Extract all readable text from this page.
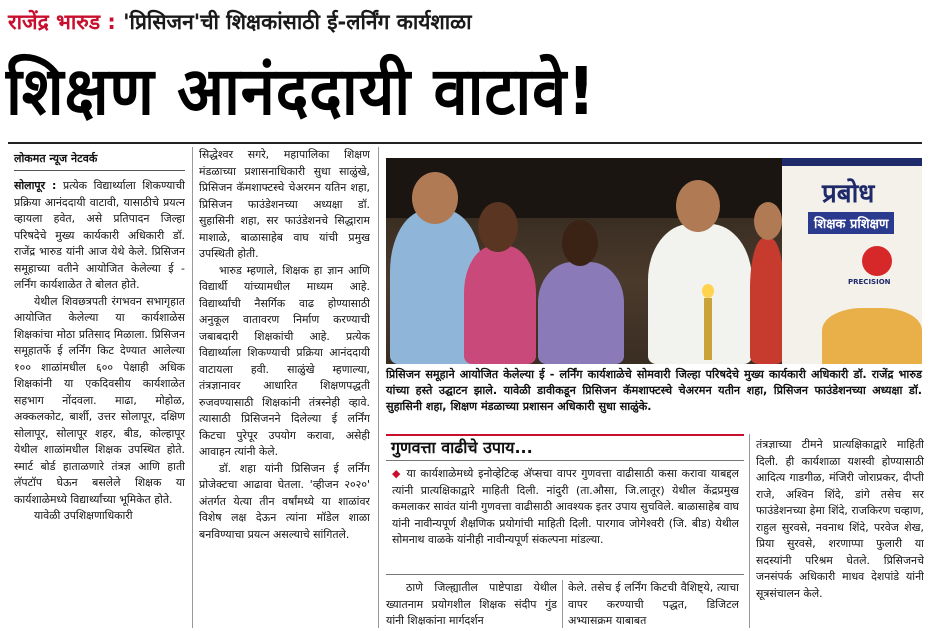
राजेंद्र भारुड : 'प्रिसिजन'ची शिक्षकांसाठी ई-लर्निंग कार्यशाळा
शिक्षण आनंददायी वाटावे!
लोकमत न्यूज नेटवर्क

सोलापूर : प्रत्येक विद्यार्थ्याला शिकण्याची प्रक्रिया आनंददायी वाटावी, यासाठीचे प्रयत्न व्हायला हवेत, असे प्रतिपादन जिल्हा परिषदेचे मुख्य कार्यकारी अधिकारी डॉ. राजेंद्र भारुड यांनी आज येथे केले. प्रिसिजन समूहाच्या वतीने आयोजित केलेल्या ई - लर्निंग कार्यशाळेत ते बोलत होते.

येथील शिवछत्रपती रंगभवन सभागृहात आयोजित केलेल्या या कार्यशाळेस शिक्षकांचा मोठा प्रतिसाद मिळाला. प्रिसिजन समूहातर्फे ई लर्निंग किट देण्यात आलेल्या १०० शाळांमधील ६०० पेक्षाही अधिक शिक्षकांनी या एकदिवसीय कार्यशाळेत सहभाग नोंदवला. माढा, मोहोळ, अक्कलकोट, बार्शी, उत्तर सोलापूर, दक्षिण सोलापूर, सोलापूर शहर, बीड, कोल्हापूर येथील शाळांमधील शिक्षक उपस्थित होते. स्मार्ट बोर्ड हाताळणारे तंत्रज्ञ आणि हाती लॅपटॉप घेऊन बसलेले शिक्षक या कार्यशाळेमध्ये विद्यार्थ्यांच्या भूमिकेत होते.

यावेळी उपशिक्षणाधिकारी

सिद्धेश्वर सगरे, महापालिका शिक्षण मंडळाच्या प्रशासनाधिकारी सुधा साळुंखे, प्रिसिजन कॅमशाफ्टस्चे चेअरमन यतिन शहा, प्रिसिजन फाउंडेशनच्या अध्यक्षा डॉ. सुहासिनी शहा, सर फाउंडेशनचे सिद्धाराम माशाळे, बाळासाहेब वाघ यांची प्रमुख उपस्थिती होती.

भारुड म्हणाले, शिक्षक हा ज्ञान आणि विद्यार्थी यांच्यामधील माध्यम आहे. विद्यार्थ्यांची नैसर्गिक वाढ होण्यासाठी अनुकूल वातावरण निर्माण करण्याची जबाबदारी शिक्षकांची आहे. प्रत्येक विद्यार्थ्याला शिकण्याची प्रक्रिया आनंददायी वाटायला हवी. साळुंखे म्हणाल्या, तंत्रज्ञानावर आधारित शिक्षणपद्धती रुजवण्यासाठी शिक्षकांनी तंत्रस्नेही व्हावे. त्यासाठी प्रिसिजनने दिलेल्या ई लर्निंग किटचा पुरेपूर उपयोग करावा, असेही आवाहन त्यांनी केले.

डॉ. शहा यांनी प्रिसिजन ई लर्निंग प्रोजेक्टचा आढावा घेतला. 'व्हीजन २०२०' अंतर्गत येत्या तीन वर्षांमध्ये या शाळांवर विशेष लक्ष देऊन त्यांना मॉडेल शाळा बनविण्याचा प्रयत्न असल्याचे सांगितले.

प्रबोध
शिक्षक प्रशिक्षण
PRECISION
प्रिसिजन समूहाने आयोजित केलेल्या ई - लर्निंग कार्यशाळेचे सोमवारी जिल्हा परिषदेचे मुख्य कार्यकारी अधिकारी डॉ. राजेंद्र भारुड यांच्या हस्ते उद्घाटन झाले. यावेळी डावीकडून प्रिसिजन कॅमशाफ्टस्चे चेअरमन यतीन शहा, प्रिसिजन फाउंडेशनच्या अध्यक्षा डॉ. सुहासिनी शहा, शिक्षण मंडळाच्या प्रशासन अधिकारी सुधा साळुंके.
गुणवत्ता वाढीचे उपाय...

◆ या कार्यशाळेमध्ये इनोव्हेटिव्ह अ‍ॅप्सचा वापर गुणवत्ता वाढीसाठी कसा करावा याबद्दल त्यांनी प्रात्यक्षिकाद्वारे माहिती दिली. नांदुरी (ता.औसा, जि.लातूर) येथील केंद्रप्रमुख कमलाकर सावंत यांनी गुणवत्ता वाढीसाठी आवश्यक इतर उपाय सुचविले. बाळासाहेब वाघ यांनी नावीन्यपूर्ण शैक्षणिक प्रयोगांची माहिती दिली. पारगाव जोगेश्वरी (जि. बीड) येथील सोमनाथ वाळके यांनीही नावीन्यपूर्ण संकल्पना मांडल्या.

ठाणे जिल्ह्यातील पाष्टेपाडा येथील ख्यातनाम प्रयोगशील शिक्षक संदीप गुंड यांनी शिक्षकांना मार्गदर्शन

केले. तसेच ई लर्निंग किटची वैशिष्ट्ये, त्याचा वापर करण्याची पद्धत, डिजिटल अभ्यासक्रम याबाबत

तंत्रज्ञाच्या टीमने प्रात्यक्षिकाद्वारे माहिती दिली. ही कार्यशाळा यशस्वी होण्यासाठी आदित्य गाडगीळ, मंजिरी जोराप्रकर, दीप्ती राजे, अश्विन शिंदे, डांगे तसेच सर फाउंडेशनच्या हेमा शिंदे, राजकिरण चव्हाण, राहुल सुरवसे, नवनाथ शिंदे, परवेज शेख, प्रिया सुरवसे, शरणाप्पा फुलारी या सदस्यांनी परिश्रम घेतले. प्रिसिजनचे जनसंपर्क अधिकारी माधव देशपांडे यांनी सूत्रसंचालन केले.
